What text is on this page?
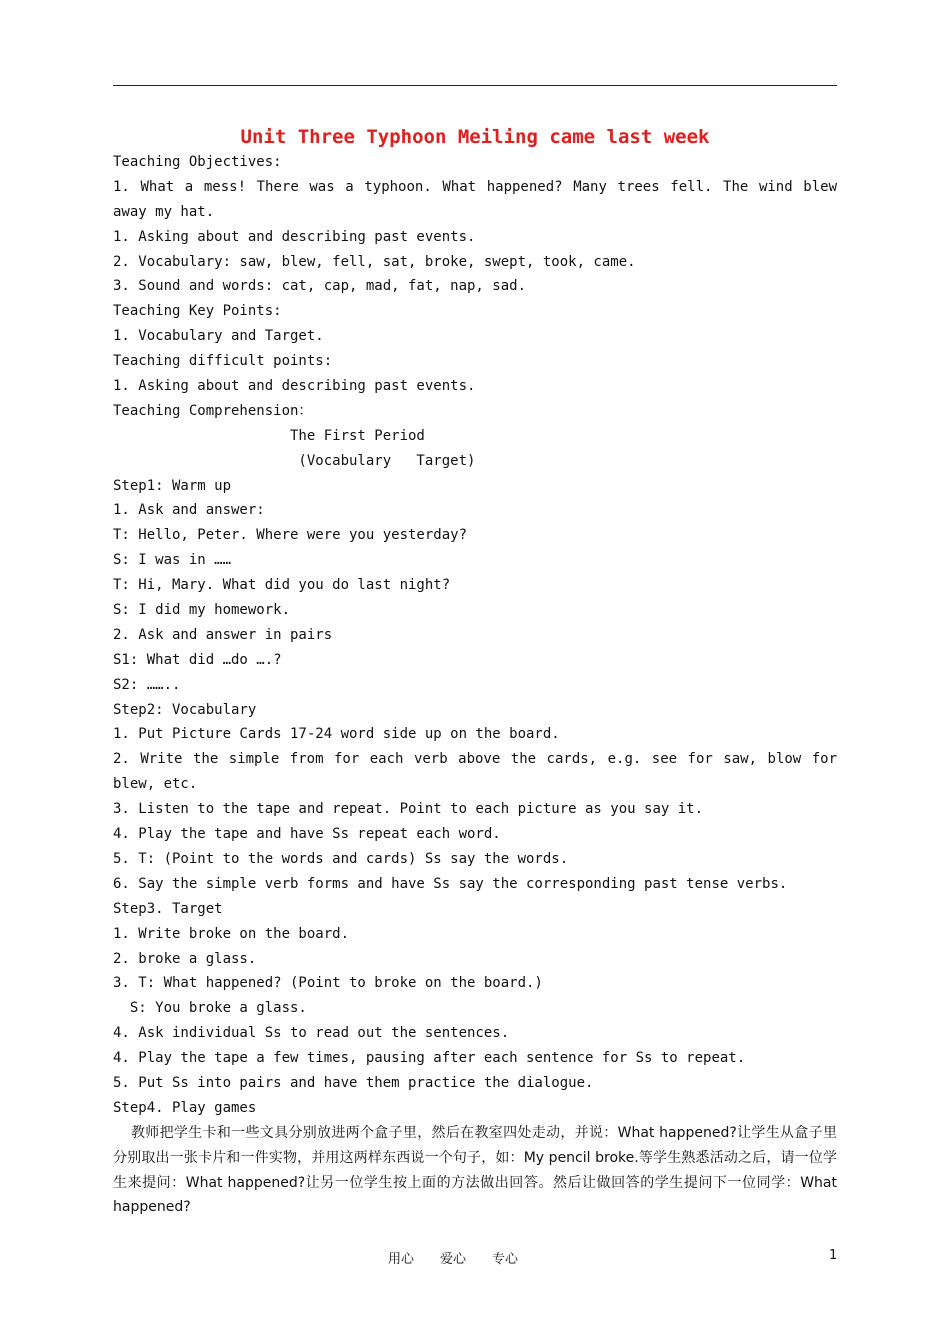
Unit Three Typhoon Meiling came last week
Teaching Objectives:
1. What a mess! There was a typhoon. What happened? Many trees fell. The wind blew
away my hat.
1. Asking about and describing past events.
2. Vocabulary: saw, blew, fell, sat, broke, swept, took, came.
3. Sound and words: cat, cap, mad, fat, nap, sad.
Teaching Key Points:
1. Vocabulary and Target.
Teaching difficult points:
1. Asking about and describing past events.
Teaching Comprehension：
The First Period
(Vocabulary   Target)
Step1: Warm up
1. Ask and answer:
T: Hello, Peter. Where were you yesterday?
S: I was in ……
T: Hi, Mary. What did you do last night?
S: I did my homework.
2. Ask and answer in pairs
S1: What did …do ….?
S2: ……..
Step2: Vocabulary
1. Put Picture Cards 17-24 word side up on the board.
2. Write the simple from for each verb above the cards, e.g. see for saw, blow for
blew, etc.
3. Listen to the tape and repeat. Point to each picture as you say it.
4. Play the tape and have Ss repeat each word.
5. T: (Point to the words and cards) Ss say the words.
6. Say the simple verb forms and have Ss say the corresponding past tense verbs.
Step3. Target
1. Write broke on the board.
2. broke a glass.
3. T: What happened? (Point to broke on the board.)
S: You broke a glass.
4. Ask individual Ss to read out the sentences.
4. Play the tape a few times, pausing after each sentence for Ss to repeat.
5. Put Ss into pairs and have them practice the dialogue.
Step4. Play games
教师把学生卡和一些文具分别放进两个盒子里，然后在教室四处走动，并说：What happened?让学生从盒子里分别取出一张卡片和一件实物，并用这两样东西说一个句子，如：My pencil broke.等学生熟悉活动之后，请一位学生来提问：What happened?让另一位学生按上面的方法做出回答。然后让做回答的学生提问下一位同学：What happened?
用心　　爱心　　专心	1
